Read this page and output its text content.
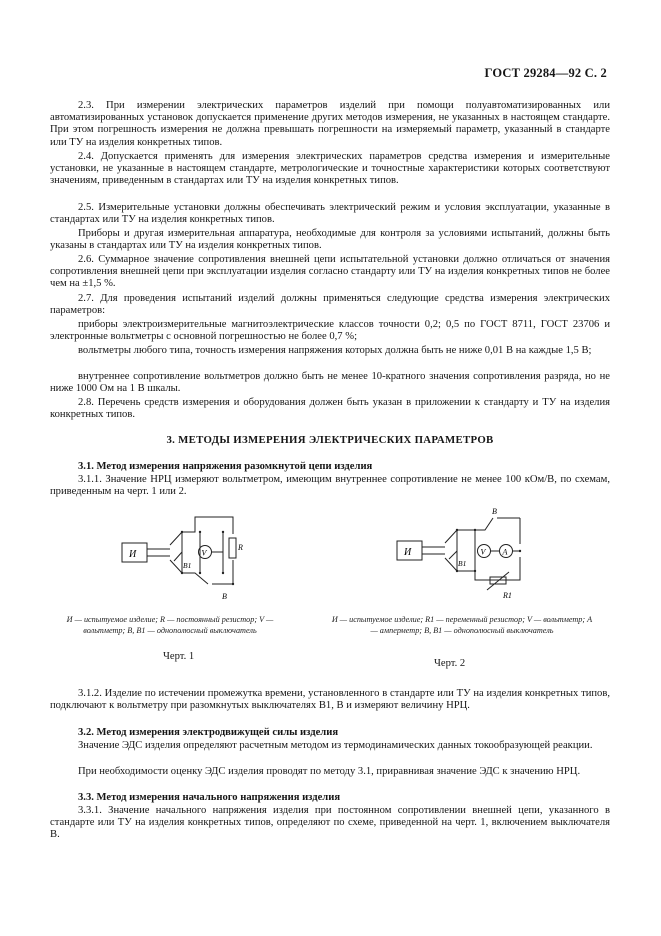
ГОСТ 29284—92 С. 2

2.3. При измерении электрических параметров изделий при помощи полуавтоматизированных или автоматизированных установок допускается применение других методов измерения, не указанных в настоящем стандарте. При этом погрешность измерения не должна превышать погрешности на измеряемый параметр, указанный в стандарте или ТУ на изделия конкретных типов.

2.4. Допускается применять для измерения электрических параметров средства измерения и измерительные установки, не указанные в настоящем стандарте, метрологические и точностные характеристики которых соответствуют значениям, приведенным в стандартах или ТУ на изделия конкретных типов.

2.5. Измерительные установки должны обеспечивать электрический режим и условия эксплуатации, указанные в стандартах или ТУ на изделия конкретных типов.

Приборы и другая измерительная аппаратура, необходимые для контроля за условиями испытаний, должны быть указаны в стандартах или ТУ на изделия конкретных типов.

2.6. Суммарное значение сопротивления внешней цепи испытательной установки должно отличаться от значения сопротивления внешней цепи при эксплуатации изделия согласно стандарту или ТУ на изделия конкретных типов не более чем на ±1,5 %.

2.7. Для проведения испытаний изделий должны применяться следующие средства измерения электрических параметров:

приборы электроизмерительные магнитоэлектрические классов точности 0,2; 0,5 по ГОСТ 8711, ГОСТ 23706 и электронные вольтметры с основной погрешностью не более 0,7 %;

вольтметры любого типа, точность измерения напряжения которых должна быть не ниже 0,01 В на каждые 1,5 В;

внутреннее сопротивление вольтметров должно быть не менее 10-кратного значения сопротивления разряда, но не ниже 1000 Ом на 1 В шкалы.

2.8. Перечень средств измерения и оборудования должен быть указан в приложении к стандарту и ТУ на изделия конкретных типов.

3. МЕТОДЫ ИЗМЕРЕНИЯ ЭЛЕКТРИЧЕСКИХ ПАРАМЕТРОВ

3.1. Метод измерения напряжения разомкнутой цепи изделия

3.1.1. Значение НРЦ измеряют вольтметром, имеющим внутреннее сопротивление не менее 100 кОм/В, по схемам, приведенным на черт. 1 или 2.

И	V
R
В1
В
И	V A
R1
В1
В

И — испытуемое изделие; R — постоянный резистор; V — вольтметр; В, В1 — однополюсный выключатель

И — испытуемое изделие; R1 — переменный резистор; V — вольтметр; А — амперметр; В, В1 — однополюсный выключатель

Черт. 1

Черт. 2

3.1.2. Изделие по истечении промежутка времени, установленного в стандарте или ТУ на изделия конкретных типов, подключают к вольтметру при разомкнутых выключателях В1, В и измеряют величину НРЦ.

3.2. Метод измерения электродвижущей силы изделия

Значение ЭДС изделия определяют расчетным методом из термодинамических данных токообразующей реакции.

При необходимости оценку ЭДС изделия проводят по методу 3.1, приравнивая значение ЭДС к значению НРЦ.

3.3. Метод измерения начального напряжения изделия

3.3.1. Значение начального напряжения изделия при постоянном сопротивлении внешней цепи, указанного в стандарте или ТУ на изделия конкретных типов, определяют по схеме, приведенной на черт. 1, включением выключателя В.
